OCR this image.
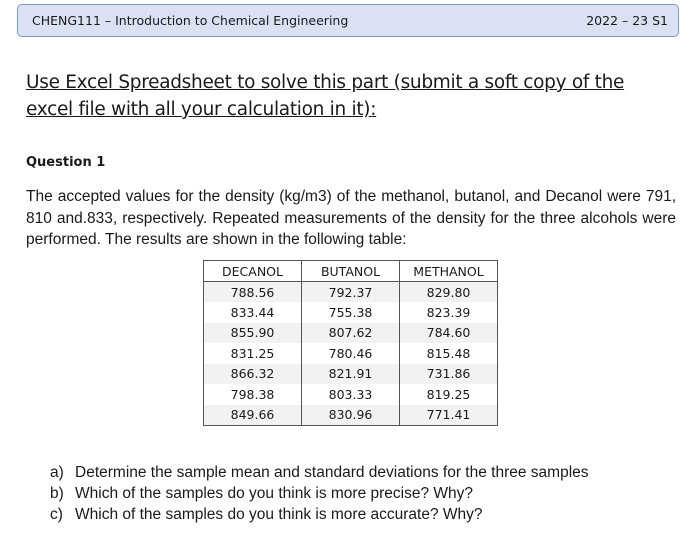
CHENG111 – Introduction to Chemical Engineering	2022 – 23 S1
Use Excel Spreadsheet to solve this part (submit a soft copy of the excel file with all your calculation in it):
Question 1
The accepted values for the density (kg/m3) of the methanol, butanol, and Decanol were 791, 810 and.833, respectively. Repeated measurements of the density for the three alcohols were performed. The results are shown in the following table:
DECANOL	BUTANOL	METHANOL
788.56	792.37	829.80
833.44	755.38	823.39
855.90	807.62	784.60
831.25	780.46	815.48
866.32	821.91	731.86
798.38	803.33	819.25
849.66	830.96	771.41
a) Determine the sample mean and standard deviations for the three samples
b) Which of the samples do you think is more precise? Why?
c) Which of the samples do you think is more accurate? Why?
